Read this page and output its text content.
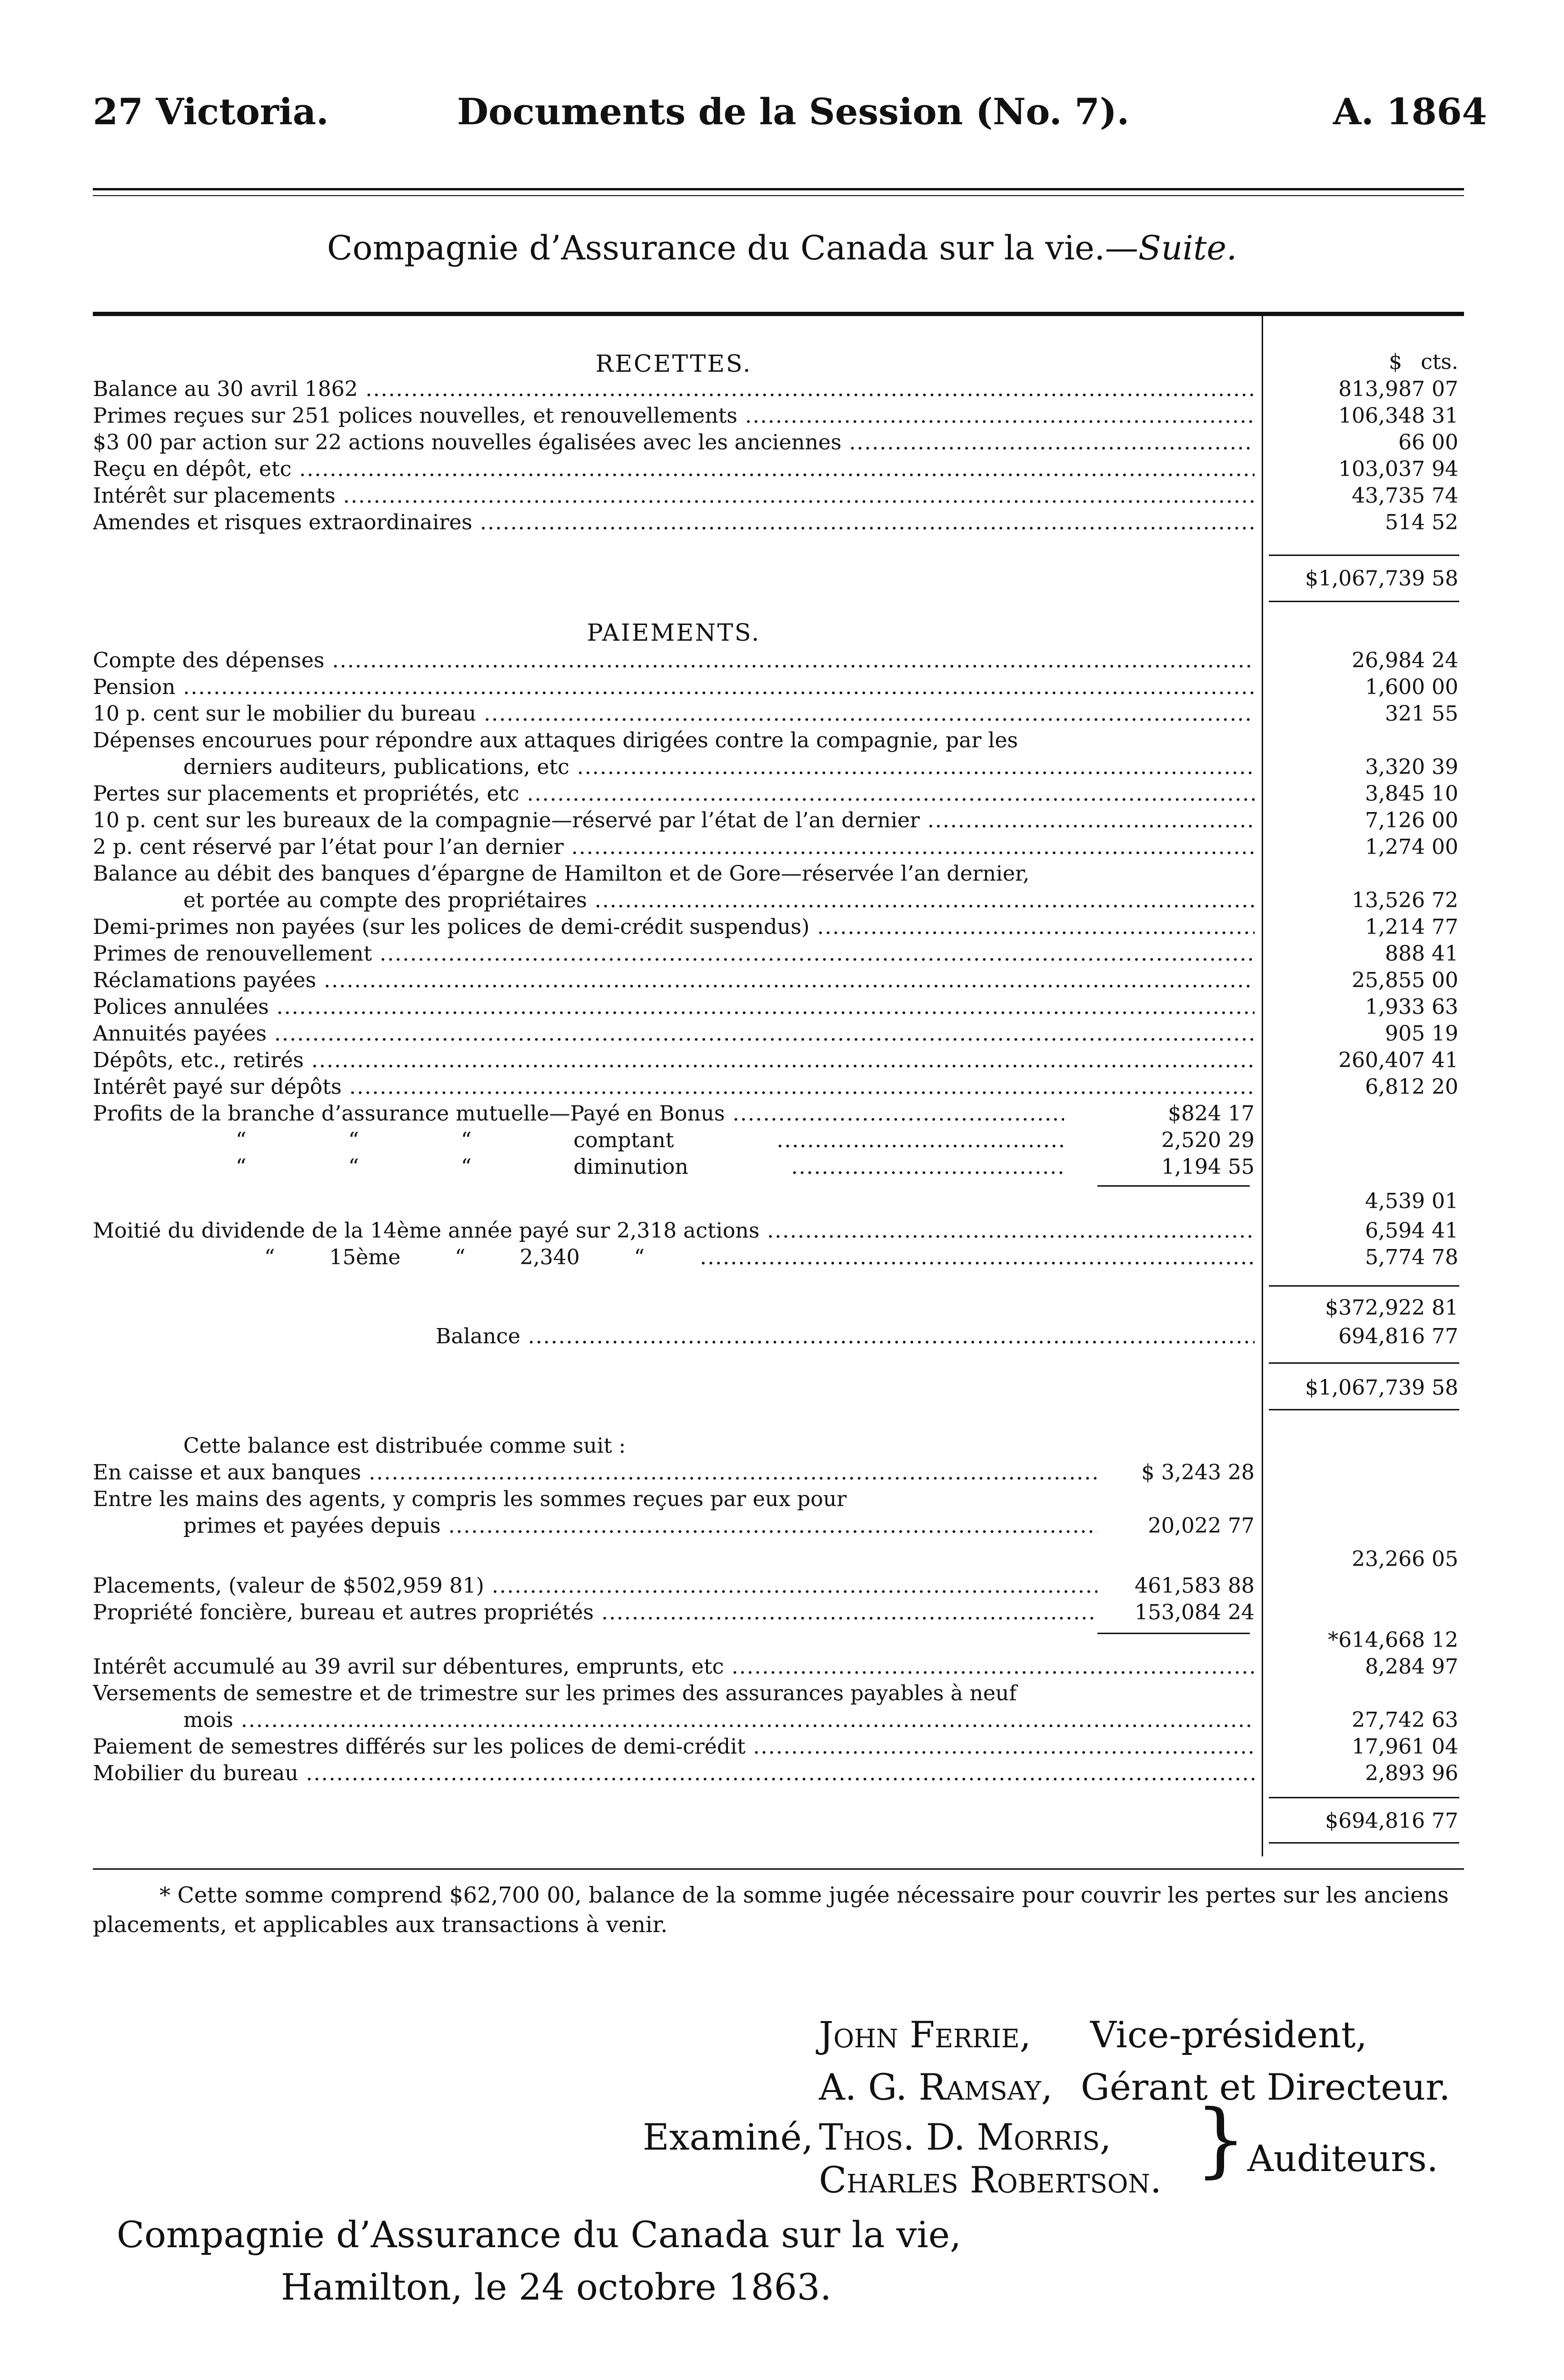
27 Victoria.	Documents de la Session (No. 7).	A. 1864
Compagnie d’Assurance du Canada sur la vie.—Suite.
RECETTES.	$ cts.
Balance au 30 avril 1862 .....	813,987 07
Primes reçues sur 251 polices nouvelles, et renouvellements .....	106,348 31
$3 00 par action sur 22 actions nouvelles égalisées avec les anciennes .....	66 00
Reçu en dépôt, etc .....	103,037 94
Intérêt sur placements .....	43,735 74
Amendes et risques extraordinaires .....	514 52
$1,067,739 58
PAIEMENTS.
Compte des dépenses .....	26,984 24
Pension .....	1,600 00
10 p. cent sur le mobilier du bureau .....	321 55
Dépenses encourues pour répondre aux attaques dirigées contre la compagnie, par les
derniers auditeurs, publications, etc .....	3,320 39
Pertes sur placements et propriétés, etc .....	3,845 10
10 p. cent sur les bureaux de la compagnie—réservé par l’état de l’an dernier .....	7,126 00
2 p. cent réservé par l’état pour l’an dernier .....	1,274 00
Balance au débit des banques d’épargne de Hamilton et de Gore—réservée l’an dernier,
et portée au compte des propriétaires .....	13,526 72
Demi-primes non payées (sur les polices de demi-crédit suspendus) .....	1,214 77
Primes de renouvellement .....	888 41
Réclamations payées .....	25,855 00
Polices annulées .....	1,933 63
Annuités payées .....	905 19
Dépôts, etc., retirés .....	260,407 41
Intérêt payé sur dépôts .....	6,812 20
Profits de la branche d’assurance mutuelle—Payé en Bonus .....	$824 17
“ “ “ comptant .....	2,520 29
“ “ “ diminution .....	1,194 55
4,539 01
Moitié du dividende de la 14ème année payé sur 2,318 actions .....	6,594 41
“ 15ème “ 2,340 “ .....	5,774 78
$372,922 81
Balance .....	694,816 77
$1,067,739 58
Cette balance est distribuée comme suit :
En caisse et aux banques .....	$ 3,243 28
Entre les mains des agents, y compris les sommes reçues par eux pour
primes et payées depuis .....	20,022 77
23,266 05
Placements, (valeur de $502,959 81) .....	461,583 88
Propriété foncière, bureau et autres propriétés .....	153,084 24
*614,668 12
Intérêt accumulé au 39 avril sur débentures, emprunts, etc .....	8,284 97
Versements de semestre et de trimestre sur les primes des assurances payables à neuf
mois .....	27,742 63
Paiement de semestres différés sur les polices de demi-crédit .....	17,961 04
Mobilier du bureau .....	2,893 96
$694,816 77
* Cette somme comprend $62,700 00, balance de la somme jugée nécessaire pour couvrir les pertes sur les anciens placements, et applicables aux transactions à venir.
John Ferrie, Vice-président,
A. G. Ramsay, Gérant et Directeur.
Examiné, Thos. D. Morris,
Charles Robertson. } Auditeurs.
Compagnie d’Assurance du Canada sur la vie,
Hamilton, le 24 octobre 1863.
